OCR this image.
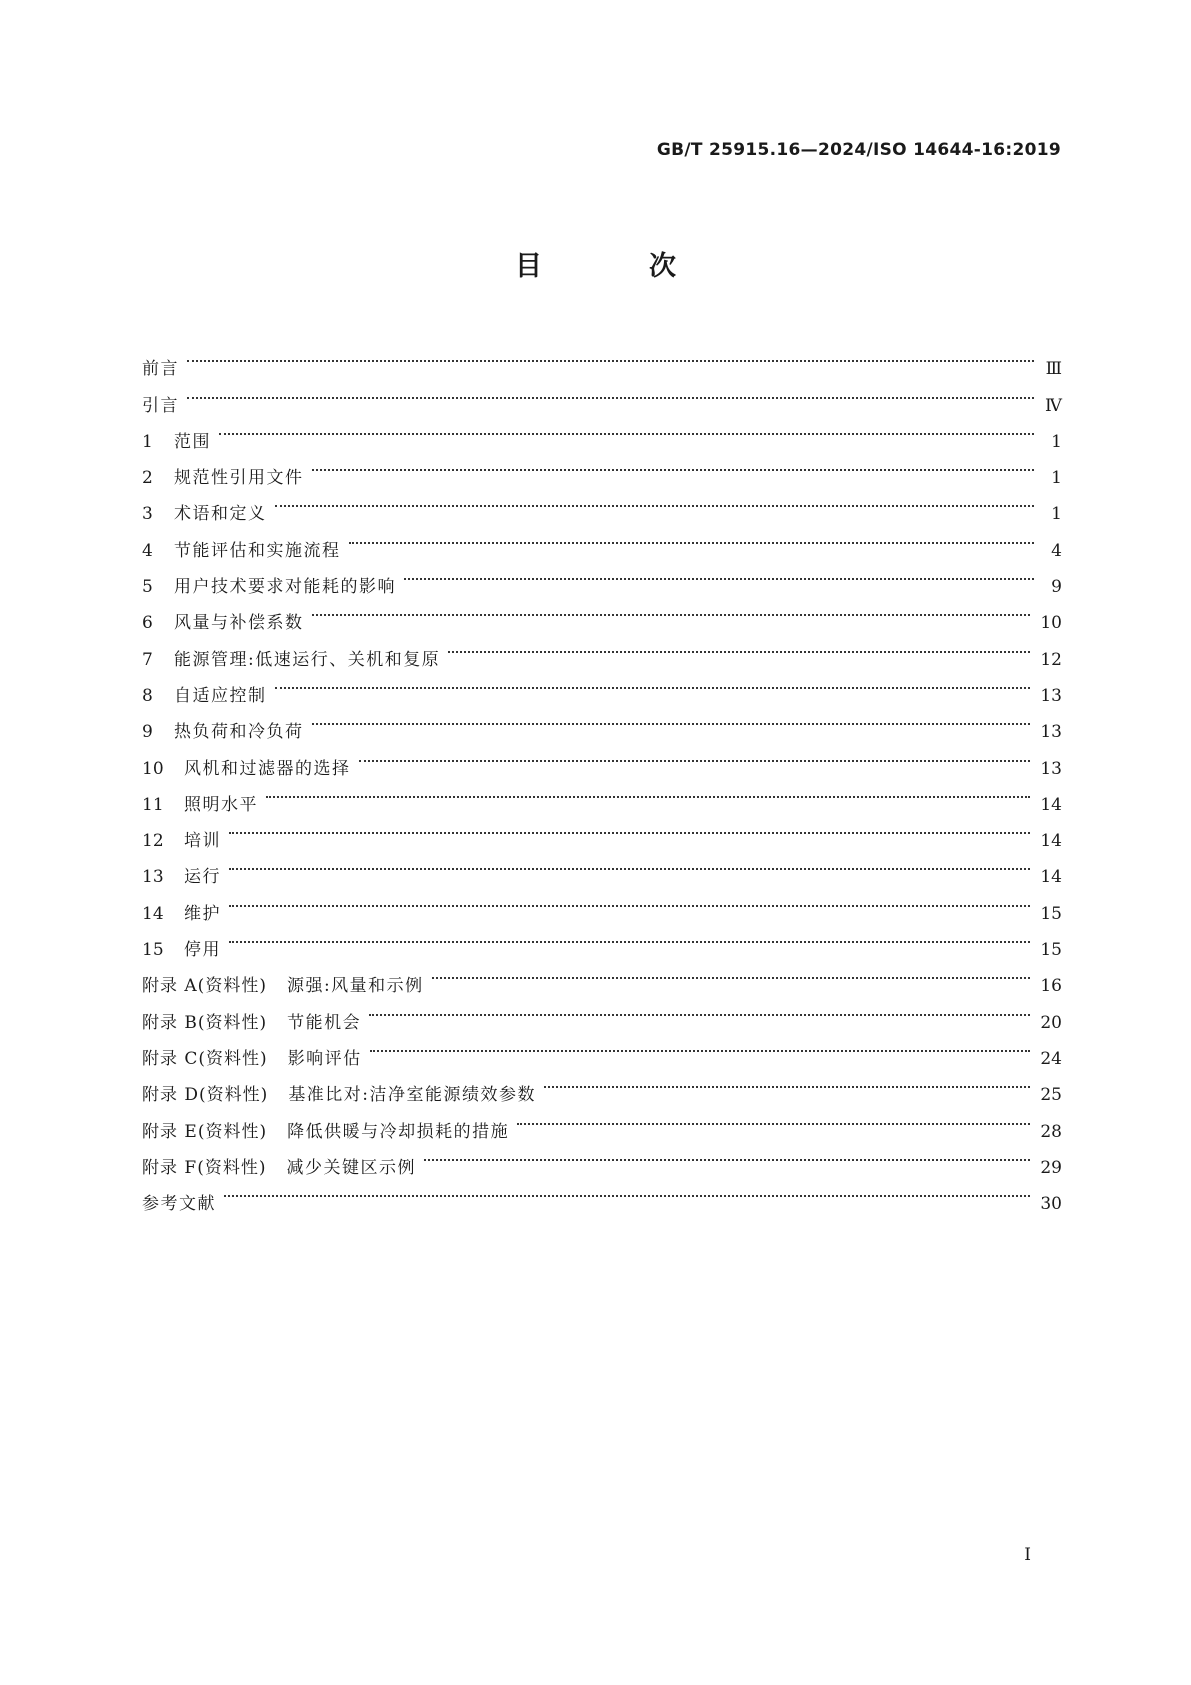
GB/T 25915.16—2024/ISO 14644-16:2019
目　次
前言	Ⅲ
引言	Ⅳ
1	范围	1
2	规范性引用文件	1
3	术语和定义	1
4	节能评估和实施流程	4
5	用户技术要求对能耗的影响	9
6	风量与补偿系数	10
7	能源管理:低速运行、关机和复原	12
8	自适应控制	13
9	热负荷和冷负荷	13
10	风机和过滤器的选择	13
11	照明水平	14
12	培训	14
13	运行	14
14	维护	15
15	停用	15
附录 A(资料性) 源强:风量和示例	16
附录 B(资料性) 节能机会	20
附录 C(资料性) 影响评估	24
附录 D(资料性) 基准比对:洁净室能源绩效参数	25
附录 E(资料性) 降低供暖与冷却损耗的措施	28
附录 F(资料性) 减少关键区示例	29
参考文献	30
I
